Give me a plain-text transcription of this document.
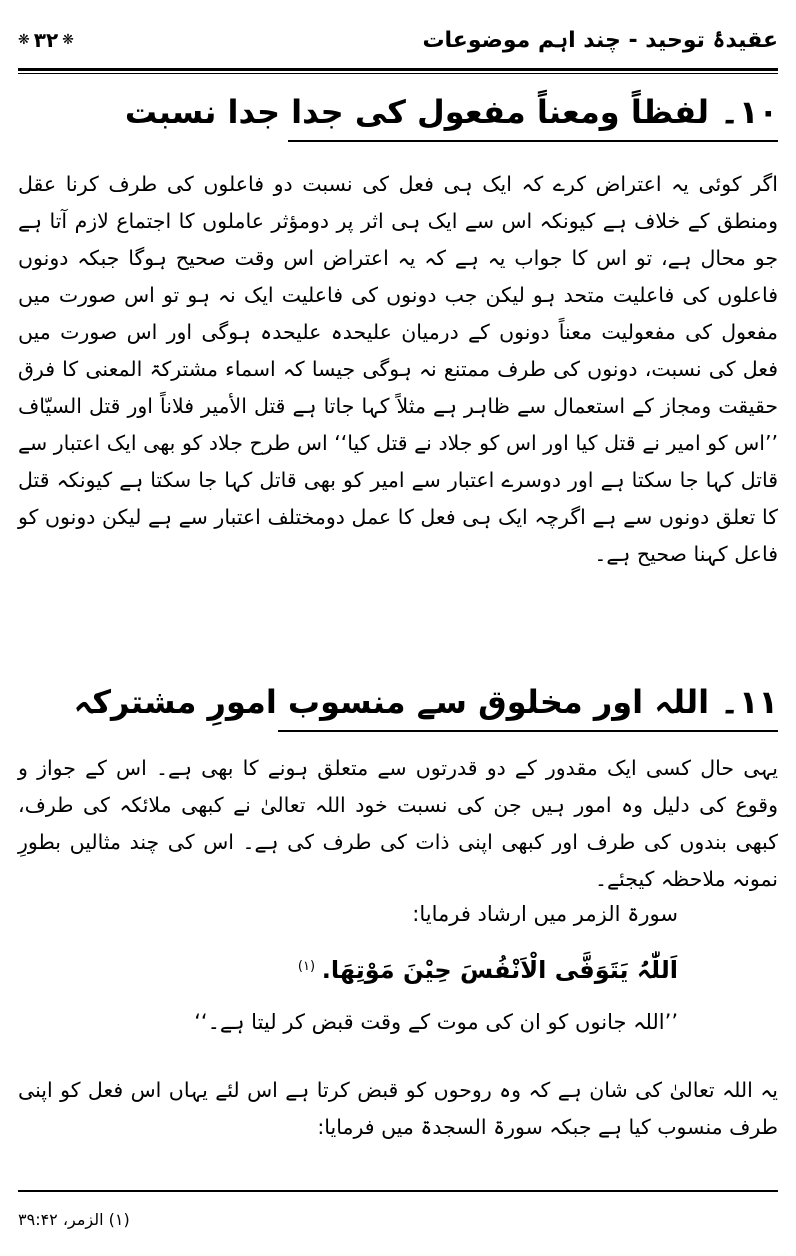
❋ ۳۲ ❋	عقیدۂ توحید - چند اہم موضوعات
۱۰۔ لفظاً ومعناً مفعول کی جدا جدا نسبت

اگر کوئی یہ اعتراض کرے کہ ایک ہی فعل کی نسبت دو فاعلوں کی طرف کرنا عقل ومنطق کے خلاف ہے کیونکہ اس سے ایک ہی اثر پر دومؤثر عاملوں کا اجتماع لازم آتا ہے جو محال ہے، تو اس کا جواب یہ ہے کہ یہ اعتراض اس وقت صحیح ہوگا جبکہ دونوں فاعلوں کی فاعلیت متحد ہو لیکن جب دونوں کی فاعلیت ایک نہ ہو تو اس صورت میں مفعول کی مفعولیت معناً دونوں کے درمیان علیحدہ علیحدہ ہوگی اور اس صورت میں فعل کی نسبت، دونوں کی طرف ممتنع نہ ہوگی جیسا کہ اسماء مشترکۃ المعنی کا فرق حقیقت ومجاز کے استعمال سے ظاہر ہے مثلاً کہا جاتا ہے قتل الأمیر فلاناً اور قتل السیّاف ’’اس کو امیر نے قتل کیا اور اس کو جلاد نے قتل کیا‘‘ اس طرح جلاد کو بھی ایک اعتبار سے قاتل کہا جا سکتا ہے اور دوسرے اعتبار سے امیر کو بھی قاتل کہا جا سکتا ہے کیونکہ قتل کا تعلق دونوں سے ہے اگرچہ ایک ہی فعل کا عمل دومختلف اعتبار سے ہے لیکن دونوں کو فاعل کہنا صحیح ہے۔

۱۱۔ اللہ اور مخلوق سے منسوب امورِ مشترکہ

یہی حال کسی ایک مقدور کے دو قدرتوں سے متعلق ہونے کا بھی ہے۔ اس کے جواز و وقوع کی دلیل وہ امور ہیں جن کی نسبت خود اللہ تعالیٰ نے کبھی ملائکہ کی طرف، کبھی بندوں کی طرف اور کبھی اپنی ذات کی طرف کی ہے۔ اس کی چند مثالیں بطورِ نمونہ ملاحظہ کیجئے۔

سورۃ الزمر میں ارشاد فرمایا:
اَللّٰہُ یَتَوَفَّی الْاَنْفُسَ حِیْنَ مَوْتِھَا. $^{(۱)}$
’’اللہ جانوں کو ان کی موت کے وقت قبض کر لیتا ہے۔‘‘

یہ اللہ تعالیٰ کی شان ہے کہ وہ روحوں کو قبض کرتا ہے اس لئے یہاں اس فعل کو اپنی طرف منسوب کیا ہے جبکہ سورۃ السجدۃ میں فرمایا:

(۱) الزمر، ۳۹:۴۲
